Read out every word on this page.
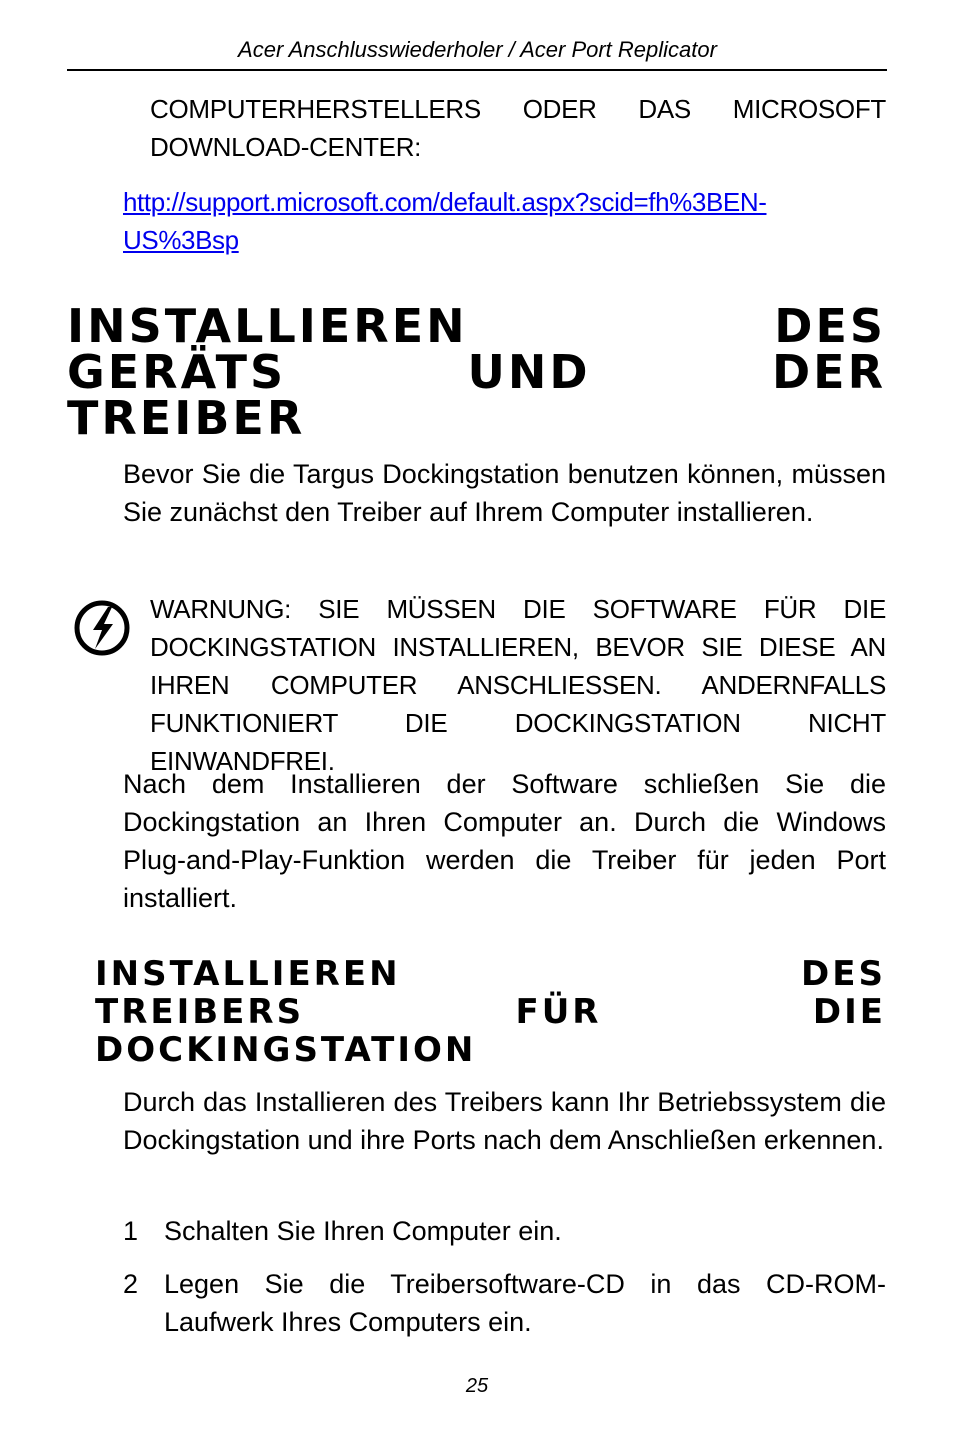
Acer Anschlusswiederholer / Acer Port Replicator
COMPUTERHERSTELLERS ODER DAS MICROSOFT DOWNLOAD-CENTER:
http://support.microsoft.com/default.aspx?scid=fh%3BEN-US%3Bsp
INSTALLIEREN DES
GERÄTS UND DER
TREIBER
Bevor Sie die Targus Dockingstation benutzen können, müssen Sie zunächst den Treiber auf Ihrem Computer installieren.
WARNUNG: SIE MÜSSEN DIE SOFTWARE FÜR DIE DOCKINGSTATION INSTALLIEREN, BEVOR SIE DIESE AN IHREN COMPUTER ANSCHLIESSEN. ANDERNFALLS FUNKTIONIERT DIE DOCKINGSTATION NICHT EINWANDFREI.
Nach dem Installieren der Software schließen Sie die Dockingstation an Ihren Computer an. Durch die Windows Plug-and-Play-Funktion werden die Treiber für jeden Port installiert.
INSTALLIEREN DES
TREIBERS FÜR DIE
DOCKINGSTATION
Durch das Installieren des Treibers kann Ihr Betriebssystem die Dockingstation und ihre Ports nach dem Anschließen erkennen.
1 Schalten Sie Ihren Computer ein.
2 Legen Sie die Treibersoftware-CD in das CD-ROM-Laufwerk Ihres Computers ein.
25
